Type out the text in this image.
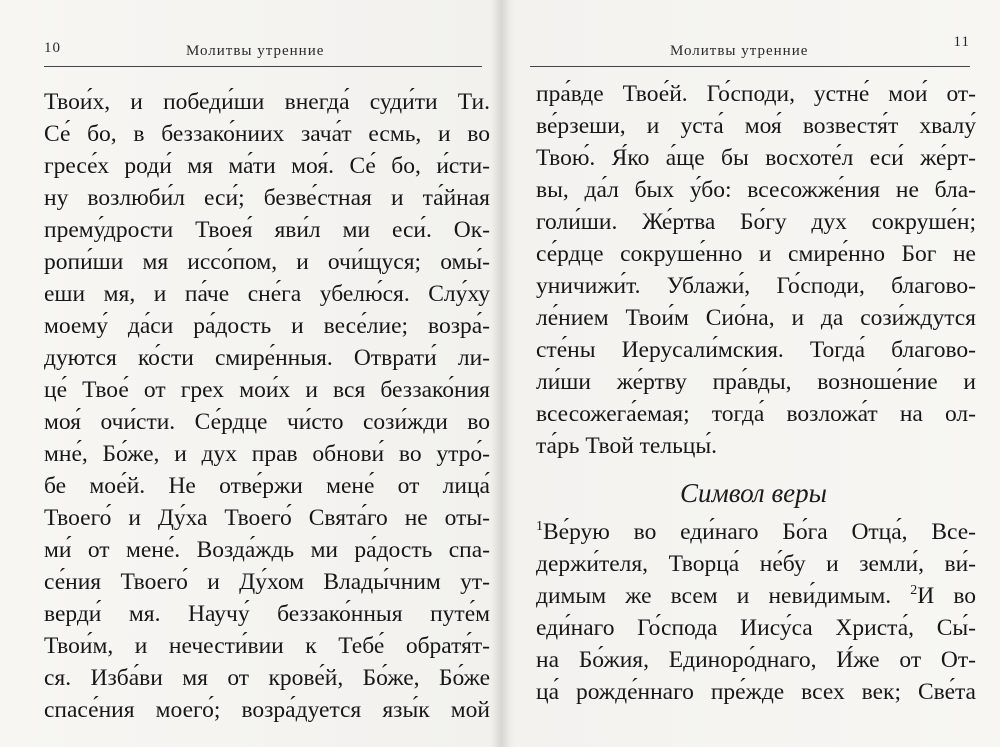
10	Молитвы утренние
Твои́х, и победи́ши внегда́ суди́ти Ти.
Се́ бо, в беззако́ниих зача́т есмь, и во
гресе́х роди́ мя ма́ти моя́. Се́ бо, и́сти-
ну возлюби́л еси́; безве́стная и та́йная
прему́дрости Твоея́ яви́л ми еси́. Ок-
ропи́ши мя иссо́пом, и очи́щуся; омы́-
еши мя, и па́че сне́га убелю́ся. Слу́ху
моему́ да́си ра́дость и весе́лие; возра́-
дуются ко́сти смире́нныя. Отврати́ ли-
це́ Твое́ от грех мои́х и вся беззако́ния
моя́ очи́сти. Се́рдце чи́сто сози́жди во
мне́, Бо́же, и дух прав обнови́ во утро́-
бе мое́й. Не отве́ржи мене́ от лица́
Твоего́ и Ду́ха Твоего́ Свята́го не оты-
ми́ от мене́. Возда́ждь ми ра́дость спа-
се́ния Твоего́ и Ду́хом Влады́чним ут-
верди́ мя. Научу́ беззако́нныя путе́м
Твои́м, и нечести́вии к Тебе́ обратя́т-
ся. Изба́ви мя от крове́й, Бо́же, Бо́же
спасе́ния моего́; возра́дуется язы́к мой
Молитвы утренние
11
пра́вде Твое́й. Го́споди, устне́ мои́ от-
ве́рзеши, и уста́ моя́ возвестя́т хвалу́
Твою́. Я́ко а́ще бы восхоте́л еси́ же́рт-
вы, да́л бых у́бо: всесожже́ния не бла-
голи́ши. Же́ртва Бо́гу дух сокруше́н;
се́рдце сокруше́нно и смире́нно Бог не
уничижи́т. Ублажи́, Го́споди, благово-
ле́нием Твои́м Сио́на, и да сози́ждутся
сте́ны Иерусали́мския. Тогда́ благово-
ли́ши же́ртву пра́вды, возноше́ние и
всесожега́емая; тогда́ возложа́т на ол-
та́рь Твой тельцы́.
Символ веры
$^1$Ве́рую во еди́наго Бо́га Отца́, Все-
держи́теля, Творца́ не́бу и земли́, ви́-
димым же всем и неви́димым. $^2$И во
еди́наго Го́спода Иису́са Христа́, Сы́-
на Бо́жия, Единоро́днаго, И́же от От-
ца́ рожде́ннаго пре́жде всех век; Све́та
